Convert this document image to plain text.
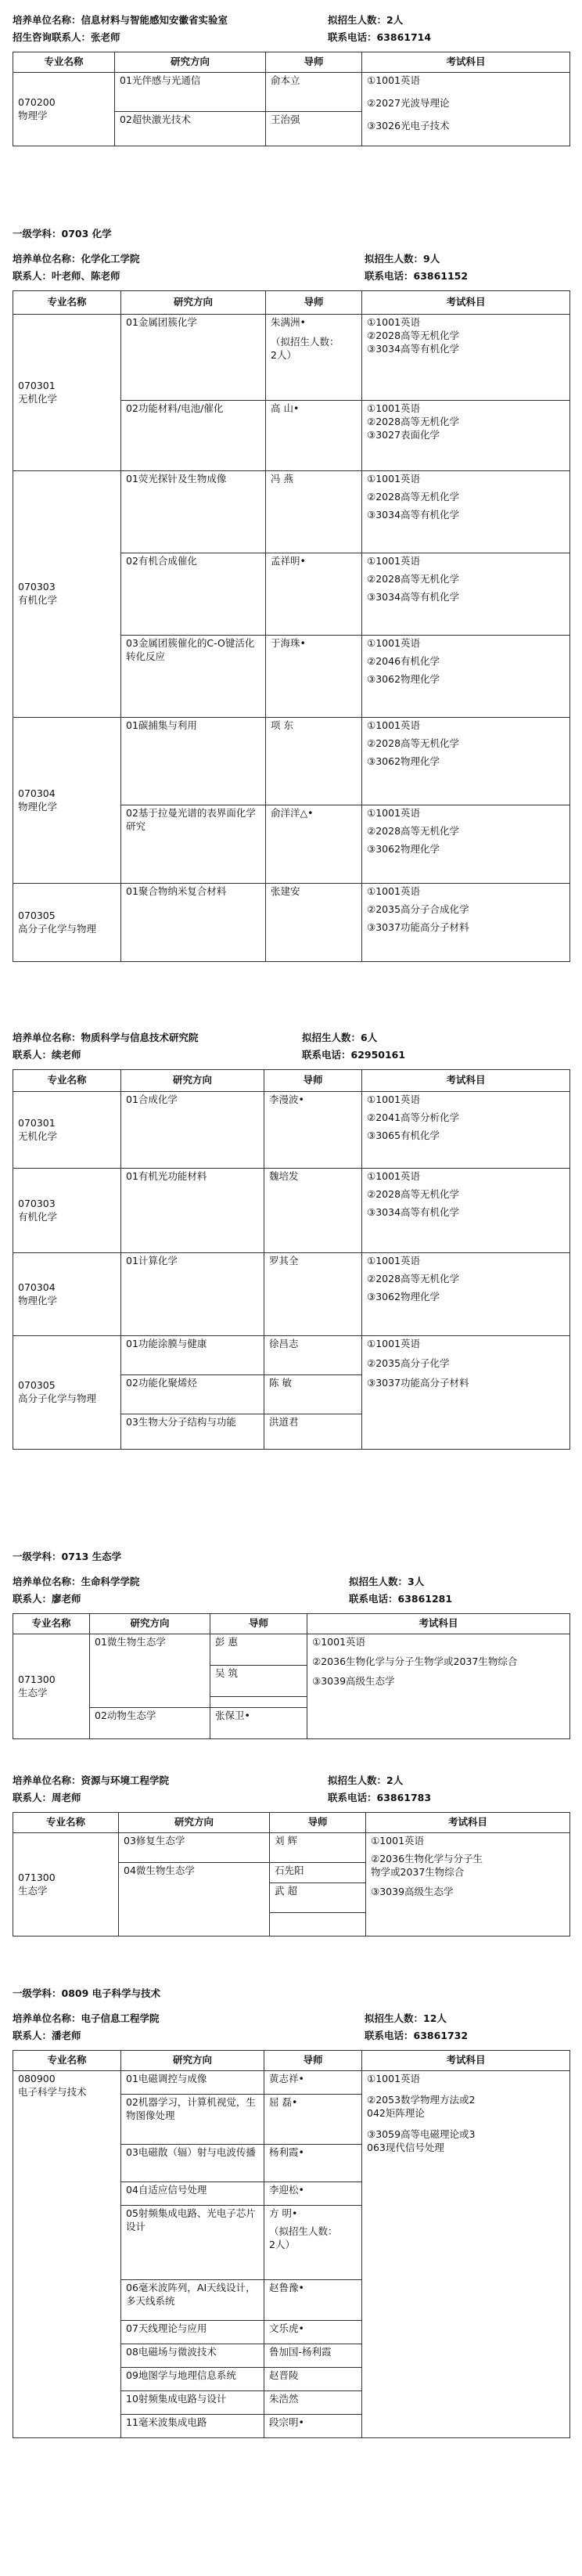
培养单位名称：信息材料与智能感知安徽省实验室	拟招生人数：2人
招生咨询联系人：张老师	联系电话：63861714
专业名称	研究方向	导师	考试科目

070200
物理学	01光伴感与光通信	俞本立	①1001英语
②2027光波导理论
③3026光电子技术

	02超快激光技术	王治强	
一级学科：0703 化学
培养单位名称：化学化工学院	拟招生人数：9人
联系人：叶老师、陈老师	联系电话：63861152
专业名称	研究方向	导师	考试科目

070301
无机化学	01金属团簇化学	朱满洲•
（拟招生人数：
2人）	①1001英语
②2028高等无机化学
③3034高等有机化学

	02功能材料/电池/催化	高 山•	①1001英语
②2028高等无机化学
③3027表面化学

070303
有机化学	01荧光探针及生物成像	冯 燕	①1001英语
②2028高等无机化学
③3034高等有机化学

	02有机合成催化	孟祥明•	①1001英语
②2028高等无机化学
③3034高等有机化学

	03金属团簇催化的C-O键活化转化反应	于海珠•	①1001英语
②2046有机化学
③3062物理化学

070304
物理化学	01碳捕集与利用	项 东	①1001英语
②2028高等无机化学
③3062物理化学

	02基于拉曼光谱的表界面化学研究	俞洋洋△•	①1001英语
②2028高等无机化学
③3062物理化学

070305
高分子化学与物理	01聚合物纳米复合材料	张建安	①1001英语
②2035高分子合成化学
③3037功能高分子材料
培养单位名称：物质科学与信息技术研究院	拟招生人数：6人
联系人：续老师	联系电话：62950161
专业名称	研究方向	导师	考试科目

070301
无机化学	01合成化学	李漫波•	①1001英语
②2041高等分析化学
③3065有机化学

070303
有机化学	01有机光功能材料	魏培发	①1001英语
②2028高等无机化学
③3034高等有机化学

070304
物理化学	01计算化学	罗其全	①1001英语
②2028高等无机化学
③3062物理化学

070305
高分子化学与物理	01功能涂膜与健康	徐昌志	①1001英语
②2035高分子化学
③3037功能高分子材料

	02功能化聚烯烃	陈 敏	
	03生物大分子结构与功能	洪道君	
一级学科：0713 生态学
培养单位名称：生命科学学院	拟招生人数：3人
联系人：廖老师	联系电话：63861281
专业名称	研究方向	导师	考试科目

071300
生态学	01微生物生态学	彭 惠	①1001英语
②2036生物化学与分子生物学或2037生物综合
③3039高级生态学

		吴 筑	

	02动物生态学	张保卫•	
培养单位名称：资源与环境工程学院	拟招生人数：2人
联系人：周老师	联系电话：63861783
专业名称	研究方向	导师	考试科目

071300
生态学	03修复生态学	刘 辉	①1001英语
②2036生物化学与分子生
物学或2037生物综合
③3039高级生态学

	04微生物生态学	石先阳	
		武 超	

一级学科：0809 电子科学与技术
培养单位名称：电子信息工程学院	拟招生人数：12人
联系人：潘老师	联系电话：63861732
专业名称	研究方向	导师	考试科目

080900
电子科学与技术	01电磁调控与成像	黄志祥•	①1001英语
②2053数学物理方法或2
042矩阵理论
③3059高等电磁理论或3
063现代信号处理

	02机器学习，计算机视觉，生物图像处理	屈 磊•	
	03电磁散（辐）射与电波传播	杨利霞•	
	04自适应信号处理	李迎松•	
	05射频集成电路、光电子芯片设计	方 明•
（拟招生人数：
2人）	

	06毫米波阵列，AI天线设计，多天线系统	赵鲁豫•	
	07天线理论与应用	文乐虎•	
	08电磁场与微波技术	鲁加国-杨利霞	
	09地图学与地理信息系统	赵晋陵	
	10射频集成电路与设计	朱浩然	
	11毫米波集成电路	段宗明•	
